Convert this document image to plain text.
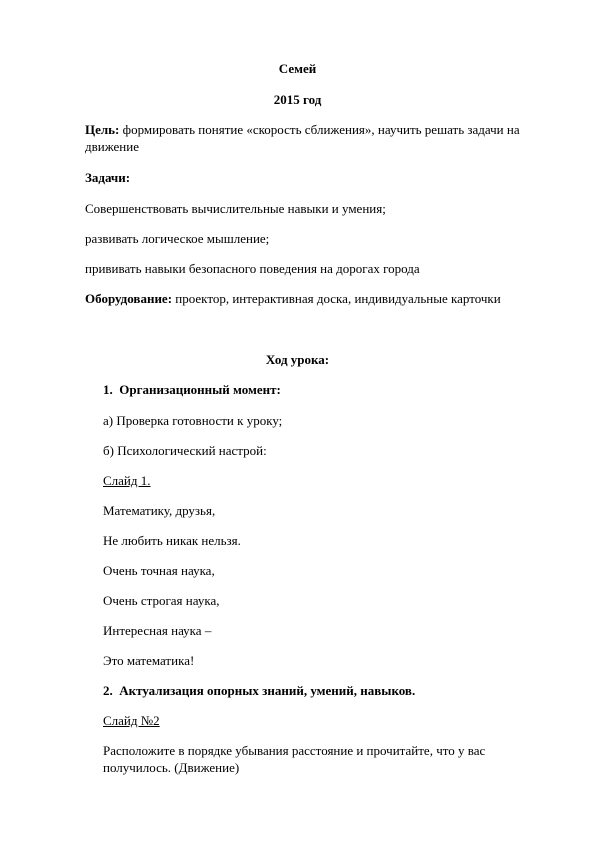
Семей
2015 год
Цель: формировать понятие «скорость сближения», научить решать задачи на
движение
Задачи:
Совершенствовать вычислительные навыки и умения;
развивать логическое мышление;
прививать навыки безопасного поведения на дорогах города
Оборудование: проектор, интерактивная доска, индивидуальные карточки
Ход урока:
1. Организационный момент:
а) Проверка готовности к уроку;
б) Психологический настрой:
Слайд 1.
Математику, друзья,
Не любить никак нельзя.
Очень точная наука,
Очень строгая наука,
Интересная наука –
Это математика!
2. Актуализация опорных знаний, умений, навыков.
Слайд №2
Расположите в порядке убывания расстояние и прочитайте, что у вас
получилось. (Движение)
